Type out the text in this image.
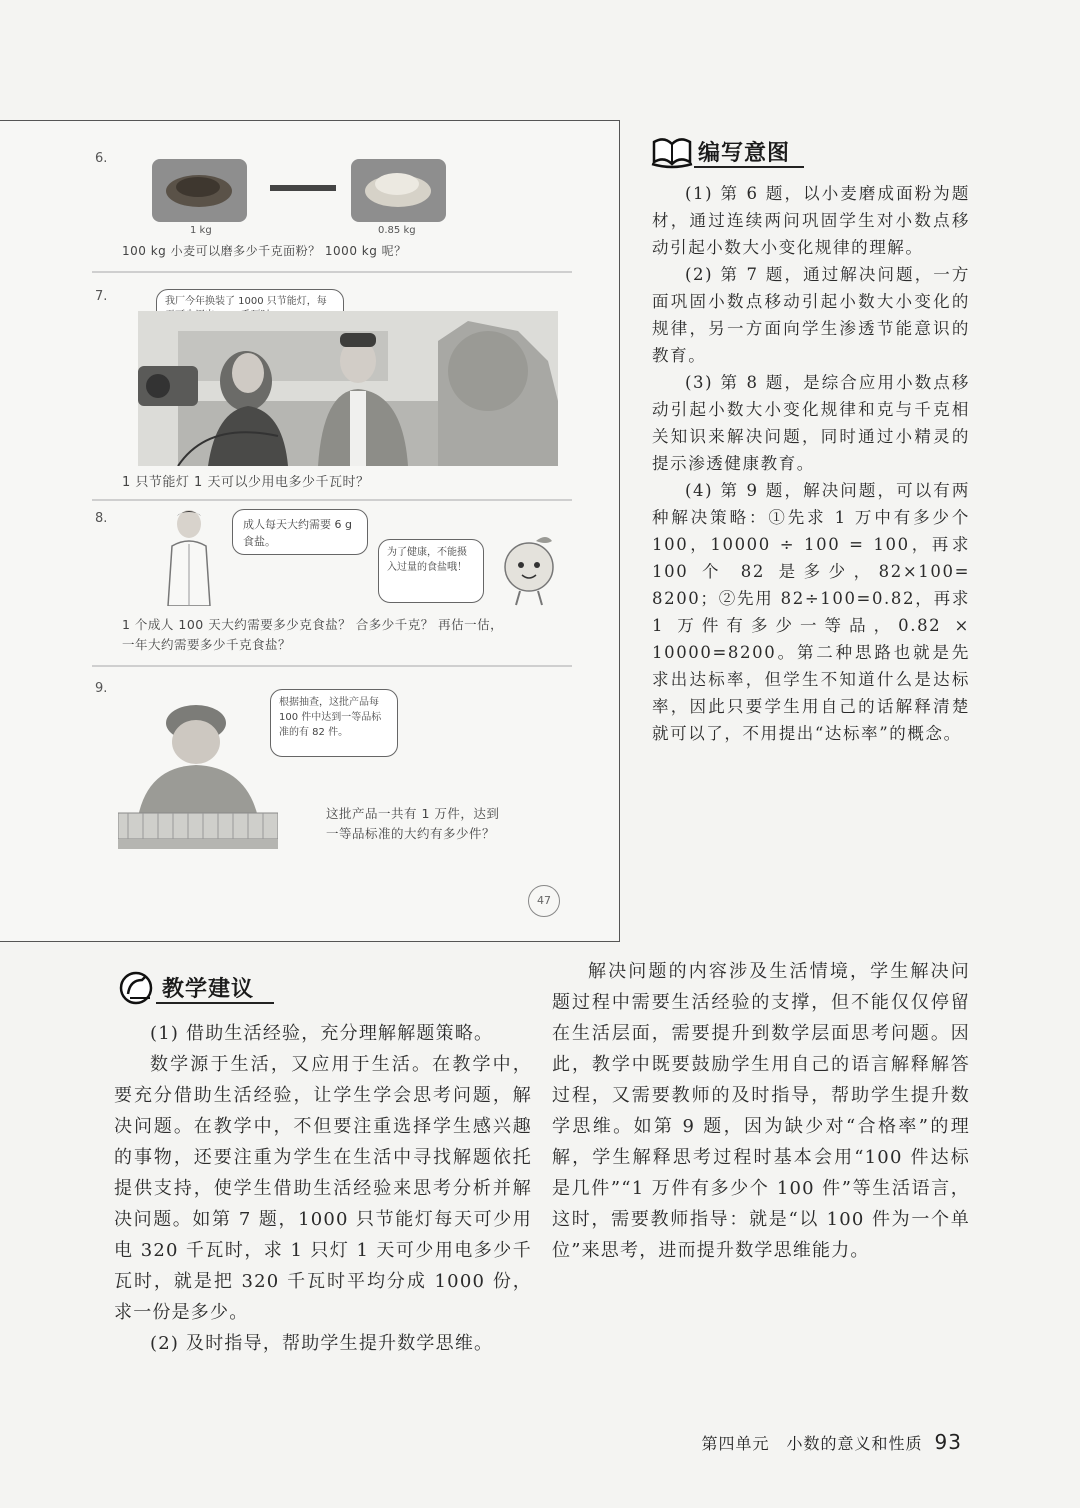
6.
1 kg	0.85 kg
100 kg 小麦可以磨多少千克面粉？ 1000 kg 呢？
7.	我厂今年换装了 1000 只节能灯，每
1 只节能灯 1 天可以少用电多少千瓦时？
8.	成人每天大约需要 6 g 食盐。
为了健康，不能摄入过量的食盐哦！
1 个成人 100 天大约需要多少克食盐？ 合多少千克？ 再估一估，
一年大约需要多少千克食盐？
9.
根据抽查，这批产品每 100 件中达到一等品标准的有 82 件。
这批产品一共有 1 万件，达到
一等品标准的大约有多少件？
47
编写意图

(1) 第 6 题，以小麦磨成面粉为题材，通过连续两问巩固学生对小数点移动引起小数大小变化规律的理解。

(2) 第 7 题，通过解决问题，一方面巩固小数点移动引起小数大小变化的规律，另一方面向学生渗透节能意识的教育。

(3) 第 8 题，是综合应用小数点移动引起小数大小变化规律和克与千克相关知识来解决问题，同时通过小精灵的提示渗透健康教育。

(4) 第 9 题，解决问题，可以有两种解决策略：①先求 1 万中有多少个 100，10000 ÷ 100 = 100，再求100 个 82 是多少，82×100= 8200；②先用 82÷100=0.82，再求 1 万件有多少一等品，0.82 × 10000=8200。第二种思路也就是先求出达标率，但学生不知道什么是达标率，因此只要学生用自己的话解释清楚就可以了，不用提出“达标率”的概念。

教学建议

(1) 借助生活经验，充分理解解题策略。

数学源于生活，又应用于生活。在教学中，要充分借助生活经验，让学生学会思考问题，解决问题。在教学中，不但要注重选择学生感兴趣的事物，还要注重为学生在生活中寻找解题依托提供支持，使学生借助生活经验来思考分析并解决问题。如第 7 题，1000 只节能灯每天可少用电 320 千瓦时，求 1 只灯 1 天可少用电多少千瓦时，就是把 320 千瓦时平均分成 1000 份，求一份是多少。

(2) 及时指导，帮助学生提升数学思维。

解决问题的内容涉及生活情境，学生解决问题过程中需要生活经验的支撑，但不能仅仅停留在生活层面，需要提升到数学层面思考问题。因此，教学中既要鼓励学生用自己的语言解释解答过程，又需要教师的及时指导，帮助学生提升数学思维。如第 9 题，因为缺少对“合格率”的理解，学生解释思考过程时基本会用“100 件达标是几件”“1 万件有多少个 100 件”等生活语言，这时，需要教师指导：就是“以 100 件为一个单位”来思考，进而提升数学思维能力。

第四单元　小数的意义和性质 93
